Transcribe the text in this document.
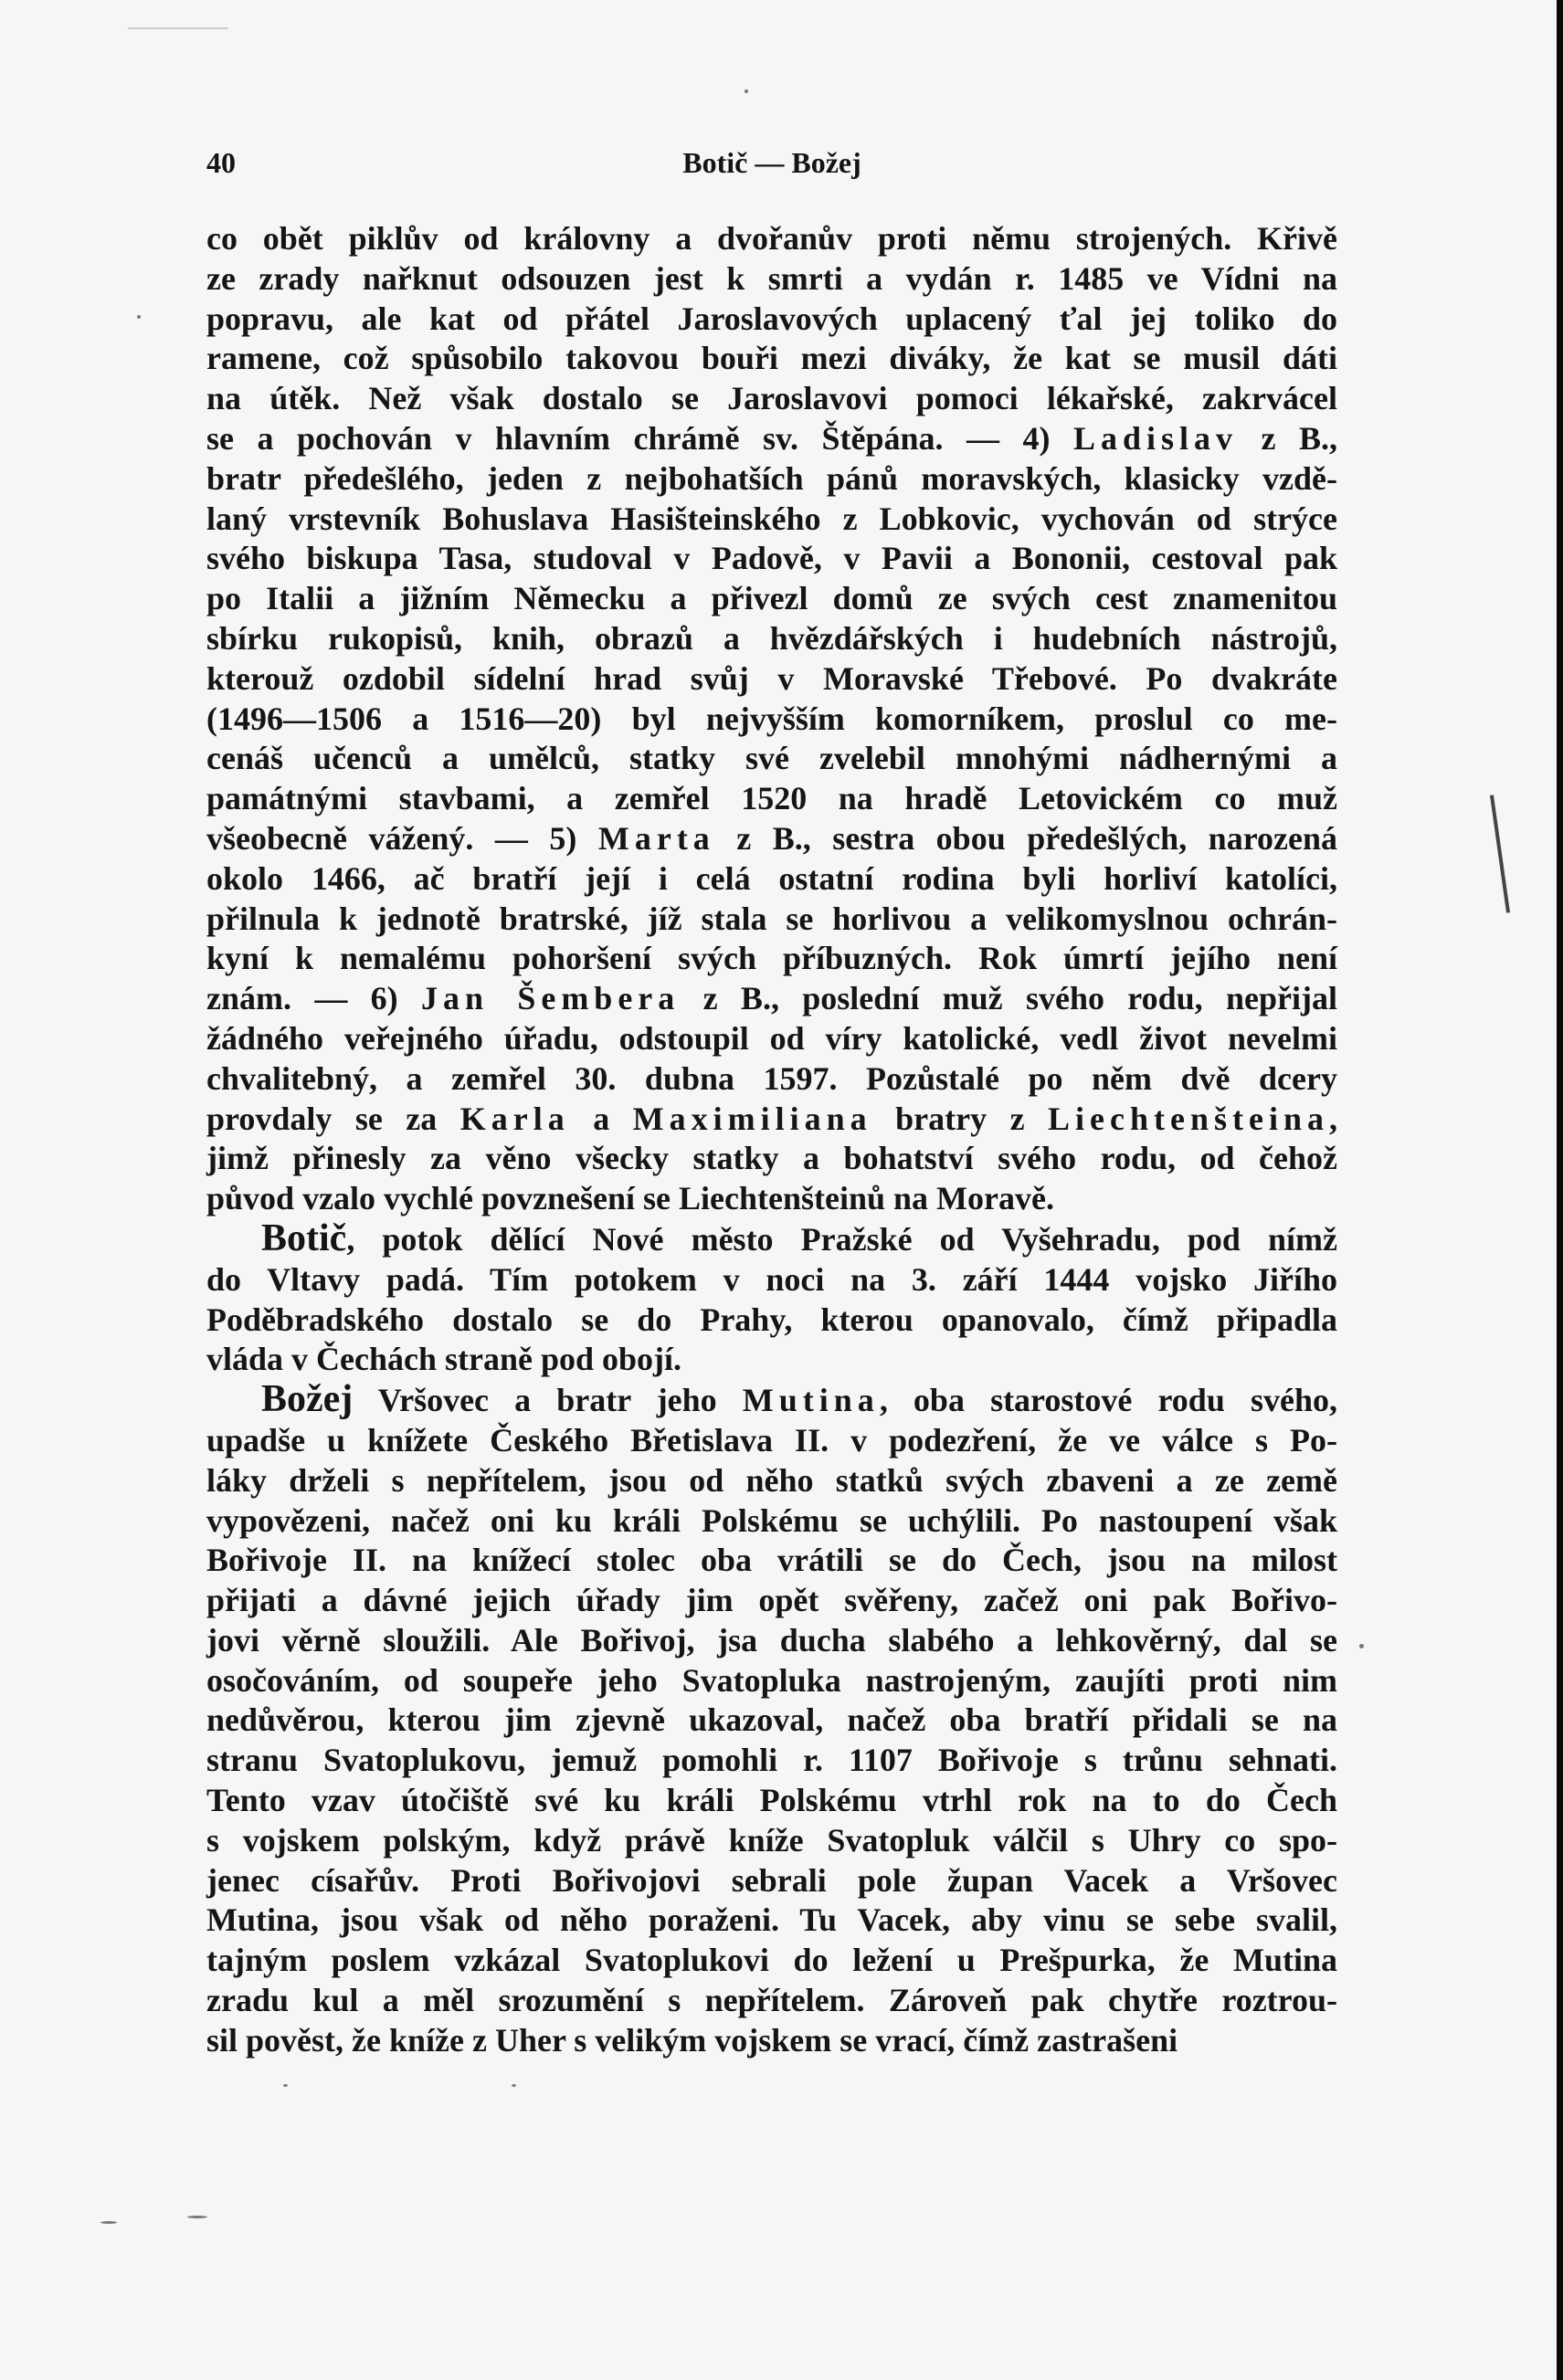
40	Botič — Božej
co obět piklův od královny a dvořanův proti němu strojených. Křivě
ze zrady nařknut odsouzen jest k smrti a vydán r. 1485 ve Vídni na
popravu, ale kat od přátel Jaroslavových uplacený ťal jej toliko do
ramene, což spůsobilo takovou bouři mezi diváky, že kat se musil dáti
na útěk. Než však dostalo se Jaroslavovi pomoci lékařské, zakrvácel
se a pochován v hlavním chrámě sv. Štěpána. — 4) Ladislav z B.,
bratr předešlého, jeden z nejbohatších pánů moravských, klasicky vzdě-
laný vrstevník Bohuslava Hasišteinského z Lobkovic, vychován od strýce
svého biskupa Tasa, studoval v Padově, v Pavii a Bononii, cestoval pak
po Italii a jižním Německu a přivezl domů ze svých cest znamenitou
sbírku rukopisů, knih, obrazů a hvězdářských i hudebních nástrojů,
kterouž ozdobil sídelní hrad svůj v Moravské Třebové. Po dvakráte
(1496—1506 a 1516—20) byl nejvyšším komorníkem, proslul co me-
cenáš učenců a umělců, statky své zvelebil mnohými nádhernými a
památnými stavbami, a zemřel 1520 na hradě Letovickém co muž
všeobecně vážený. — 5) Marta z B., sestra obou předešlých, narozená
okolo 1466, ač bratří její i celá ostatní rodina byli horliví katolíci,
přilnula k jednotě bratrské, jíž stala se horlivou a velikomyslnou ochrán-
kyní k nemalému pohoršení svých příbuzných. Rok úmrtí jejího není
znám. — 6) Jan Šembera z B., poslední muž svého rodu, nepřijal
žádného veřejného úřadu, odstoupil od víry katolické, vedl život nevelmi
chvalitebný, a zemřel 30. dubna 1597. Pozůstalé po něm dvě dcery
provdaly se za Karla a Maximiliana bratry z Liechtenšteina,
jimž přinesly za věno všecky statky a bohatství svého rodu, od čehož
původ vzalo vychlé povznešení se Liechtenšteinů na Moravě.
Botič, potok dělící Nové město Pražské od Vyšehradu, pod nímž
do Vltavy padá. Tím potokem v noci na 3. září 1444 vojsko Jiřího
Poděbradského dostalo se do Prahy, kterou opanovalo, čímž připadla
vláda v Čechách straně pod obojí.
Božej Vršovec a bratr jeho Mutina, oba starostové rodu svého,
upadše u knížete Českého Břetislava II. v podezření, že ve válce s Po-
láky drželi s nepřítelem, jsou od něho statků svých zbaveni a ze země
vypovězeni, načež oni ku králi Polskému se uchýlili. Po nastoupení však
Bořivoje II. na knížecí stolec oba vrátili se do Čech, jsou na milost
přijati a dávné jejich úřady jim opět svěřeny, začež oni pak Bořivo-
jovi věrně sloužili. Ale Bořivoj, jsa ducha slabého a lehkověrný, dal se
osočováním, od soupeře jeho Svatopluka nastrojeným, zaujíti proti nim
nedůvěrou, kterou jim zjevně ukazoval, načež oba bratří přidali se na
stranu Svatoplukovu, jemuž pomohli r. 1107 Bořivoje s trůnu sehnati.
Tento vzav útočiště své ku králi Polskému vtrhl rok na to do Čech
s vojskem polským, když právě kníže Svatopluk válčil s Uhry co spo-
jenec císařův. Proti Bořivojovi sebrali pole župan Vacek a Vršovec
Mutina, jsou však od něho poraženi. Tu Vacek, aby vinu se sebe svalil,
tajným poslem vzkázal Svatoplukovi do ležení u Prešpurka, že Mutina
zradu kul a měl srozumění s nepřítelem. Zároveň pak chytře roztrou-
sil pověst, že kníže z Uher s velikým vojskem se vrací, čímž zastrašeni
